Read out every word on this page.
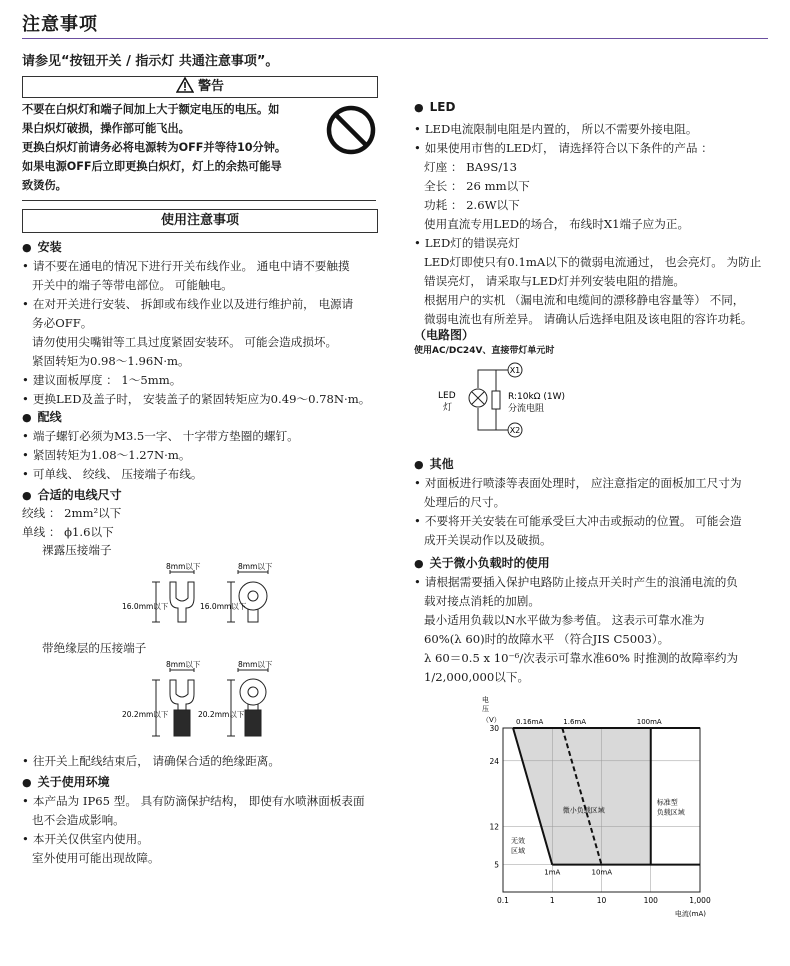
注意事项
请参见“按钮开关 / 指示灯 共通注意事项”。
警告
不要在白炽灯和端子间加上大于额定电压的电压。如
果白炽灯破损，操作部可能飞出。
更换白炽灯前请务必将电源转为OFF并等待10分钟。
如果电源OFF后立即更换白炽灯，灯上的余热可能导
致烫伤。
使用注意事项
● 安装
• 请不要在通电的情况下进行开关布线作业。 通电中请不要触摸
开关中的端子等带电部位。 可能触电。
• 在对开关进行安装、 拆卸或布线作业以及进行维护前， 电源请
务必OFF。
请勿使用尖嘴钳等工具过度紧固安装环。 可能会造成损坏。
紧固转矩为0.98～1.96N·m。
• 建议面板厚度 ： 1～5mm。
• 更换LED及盖子时， 安装盖子的紧固转矩应为0.49～0.78N·m。
● 配线
• 端子螺钉必须为M3.5一字、 十字带方垫圈的螺钉。
• 紧固转矩为1.08～1.27N·m。
• 可单线、 绞线、 压接端子布线。
● 合适的电线尺寸
绞线 ： 2mm²以下
单线 ： ϕ1.6以下
裸露压接端子
8mm以下	8mm以下
16.0mm以下	16.0mm以下
带绝缘层的压接端子
8mm以下	8mm以下
20.2mm以下	20.2mm以下
• 往开关上配线结束后， 请确保合适的绝缘距离。
● 关于使用环境
• 本产品为 IP65 型。 具有防滴保护结构， 即使有水喷淋面板表面
也不会造成影响。
• 本开关仅供室内使用。
室外使用可能出现故障。
● LED
• LED电流限制电阻是内置的， 所以不需要外接电阻。
• 如果使用市售的LED灯， 请选择符合以下条件的产品 ：
灯座 ： BA9S/13
全长 ： 26 mm以下
功耗 ： 2.6W以下
使用直流专用LED的场合， 布线时X1端子应为正。
• LED灯的错误亮灯
LED灯即使只有0.1mA以下的微弱电流通过， 也会亮灯。 为防止
错误亮灯， 请采取与LED灯并列安装电阻的措施。
根据用户的实机 （漏电流和电缆间的漂移静电容量等） 不同，
微弱电流也有所差异。 请确认后选择电阻及该电阻的容许功耗。
（电路图）
使用AC/DC24V、直接带灯单元时
X1
X2
LED
灯
R:10kΩ (1W)
分流电阻
● 其他
• 对面板进行喷漆等表面处理时， 应注意指定的面板加工尺寸为
处理后的尺寸。
• 不要将开关安装在可能承受巨大冲击或振动的位置。 可能会造
成开关误动作以及破损。
● 关于微小负载时的使用
• 请根据需要插入保护电路防止接点开关时产生的浪涌电流的负
载对接点消耗的加剧。
最小适用负载以N水平做为参考值。 这表示可靠水准为
60%(λ 60)时的故障水平 （符合JIS C5003）。
λ 60＝0.5 x 10⁻⁶/次表示可靠水准60% 时推测的故障率约为
1/2,000,000以下。
0.1	1	10	100	1,000
5
12
24
30
0.16mA	1.6mA	100mA
1mA	10mA
微小负载区域
标准型
负载区域
无效
区域
电
压
（V）
电流(mA)
